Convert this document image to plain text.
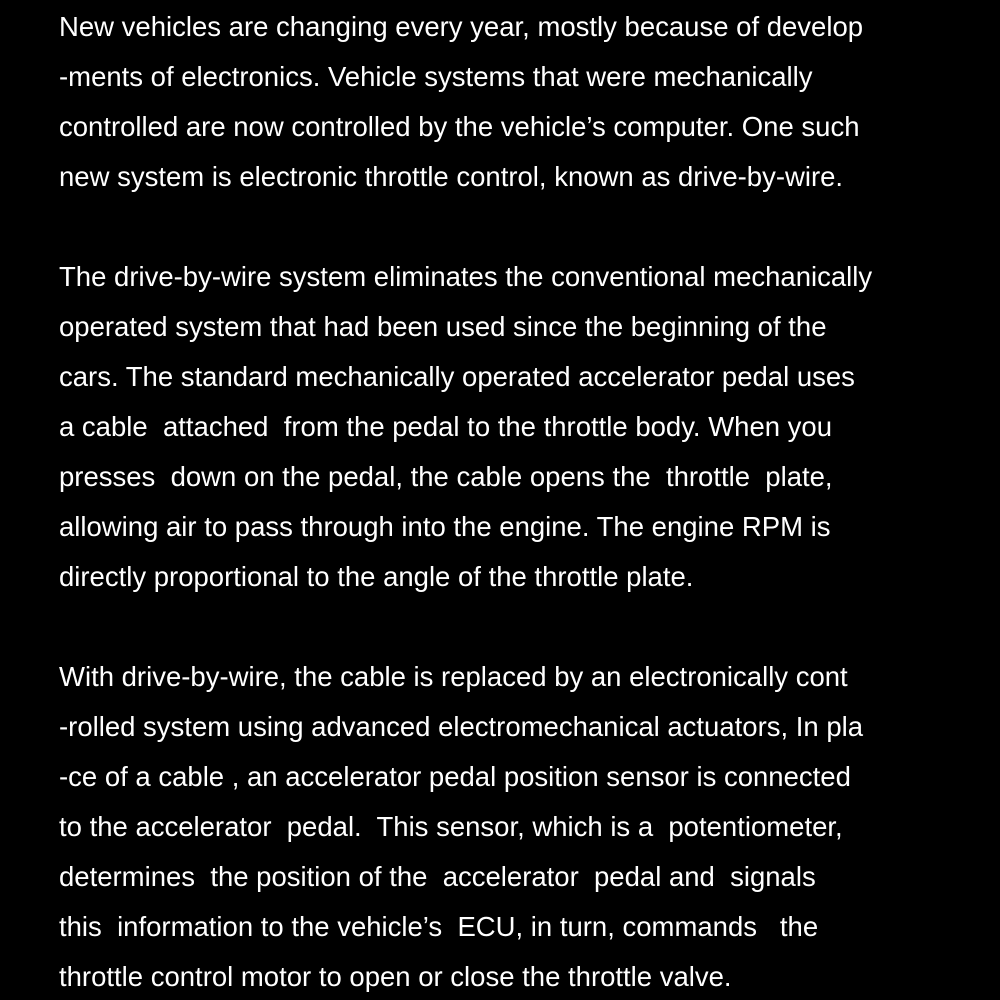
New vehicles are changing every year, mostly because of develop

-ments of electronics. Vehicle systems that were mechanically

controlled are now controlled by the vehicle’s computer. One such

new system is electronic throttle control, known as drive-by-wire.

The drive-by-wire system eliminates the conventional mechanically

operated system that had been used since the beginning of the

cars. The standard mechanically operated accelerator pedal uses

a cable  attached  from the pedal to the throttle body. When you

presses  down on the pedal, the cable opens the  throttle  plate,

allowing air to pass through into the engine. The engine RPM is

directly proportional to the angle of the throttle plate.

With drive-by-wire, the cable is replaced by an electronically cont

-rolled system using advanced electromechanical actuators, In pla

-ce of a cable , an accelerator pedal position sensor is connected

to the accelerator  pedal.  This sensor, which is a  potentiometer,

determines  the position of the  accelerator  pedal and  signals

this  information to the vehicle’s  ECU, in turn, commands   the

throttle control motor to open or close the throttle valve.
